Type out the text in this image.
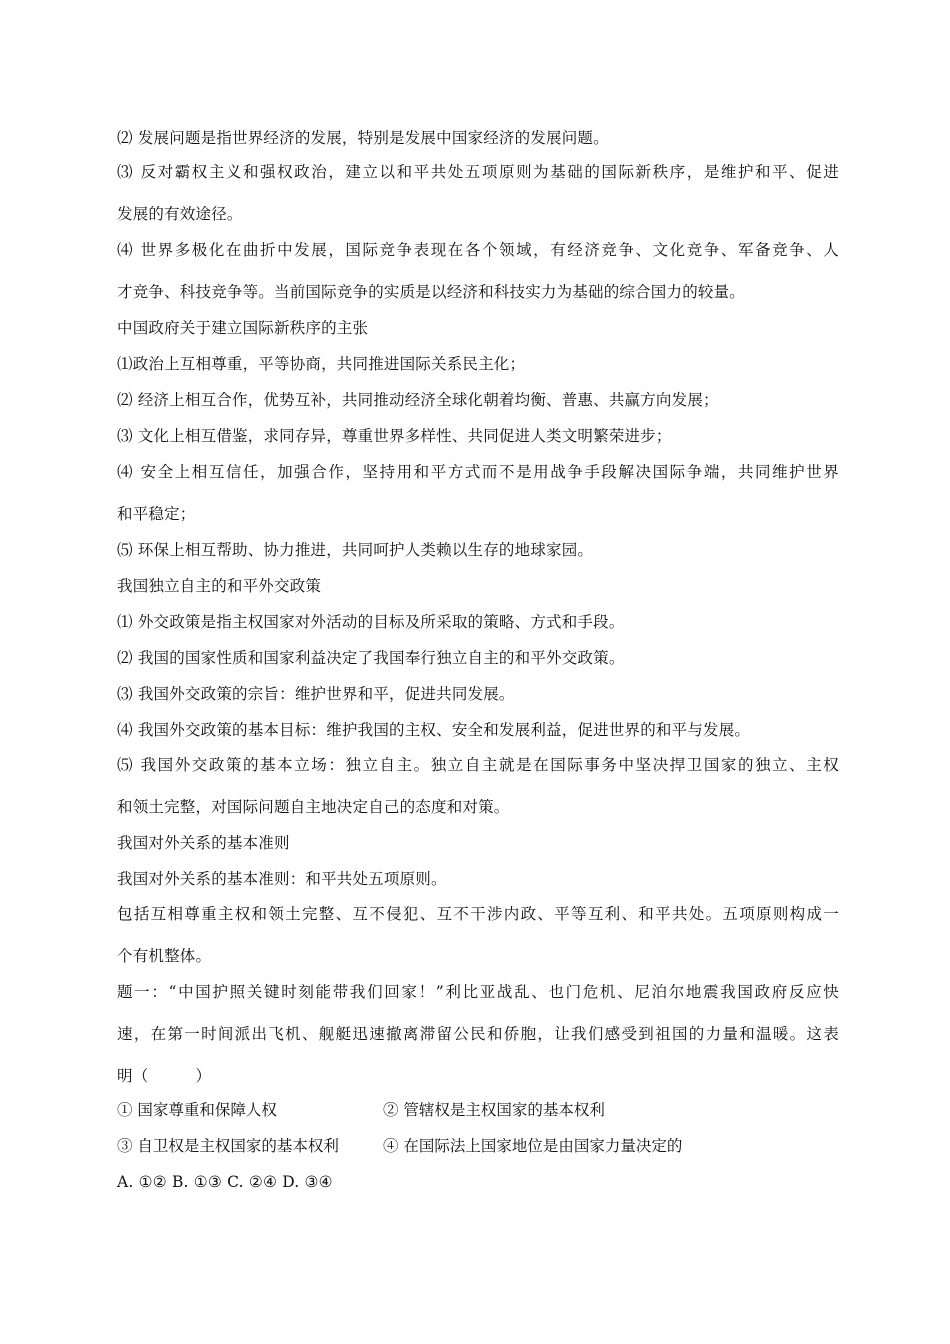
⑵ 发展问题是指世界经济的发展，特别是发展中国家经济的发展问题。
⑶ 反对霸权主义和强权政治，建立以和平共处五项原则为基础的国际新秩序，是维护和平、促进
发展的有效途径。
⑷ 世界多极化在曲折中发展，国际竞争表现在各个领域，有经济竞争、文化竞争、军备竞争、人
才竞争、科技竞争等。当前国际竞争的实质是以经济和科技实力为基础的综合国力的较量。
中国政府关于建立国际新秩序的主张
⑴政治上互相尊重，平等协商，共同推进国际关系民主化；
⑵ 经济上相互合作，优势互补，共同推动经济全球化朝着均衡、普惠、共赢方向发展；
⑶ 文化上相互借鉴，求同存异，尊重世界多样性、共同促进人类文明繁荣进步；
⑷ 安全上相互信任，加强合作，坚持用和平方式而不是用战争手段解决国际争端，共同维护世界
和平稳定；
⑸ 环保上相互帮助、协力推进，共同呵护人类赖以生存的地球家园。
我国独立自主的和平外交政策
⑴ 外交政策是指主权国家对外活动的目标及所采取的策略、方式和手段。
⑵ 我国的国家性质和国家利益决定了我国奉行独立自主的和平外交政策。
⑶ 我国外交政策的宗旨：维护世界和平，促进共同发展。
⑷ 我国外交政策的基本目标：维护我国的主权、安全和发展利益，促进世界的和平与发展。
⑸ 我国外交政策的基本立场：独立自主。独立自主就是在国际事务中坚决捍卫国家的独立、主权
和领土完整，对国际问题自主地决定自己的态度和对策。
我国对外关系的基本准则
我国对外关系的基本准则：和平共处五项原则。
包括互相尊重主权和领土完整、互不侵犯、互不干涉内政、平等互利、和平共处。五项原则构成一
个有机整体。
题一：“中国护照关键时刻能带我们回家！”利比亚战乱、也门危机、尼泊尔地震我国政府反应快
速，在第一时间派出飞机、舰艇迅速撤离滞留公民和侨胞，让我们感受到祖国的力量和温暖。这表
明（　　　）
① 国家尊重和保障人权	② 管辖权是主权国家的基本权利
③ 自卫权是主权国家的基本权利	④ 在国际法上国家地位是由国家力量决定的
A. ①② B. ①③ C. ②④ D. ③④
